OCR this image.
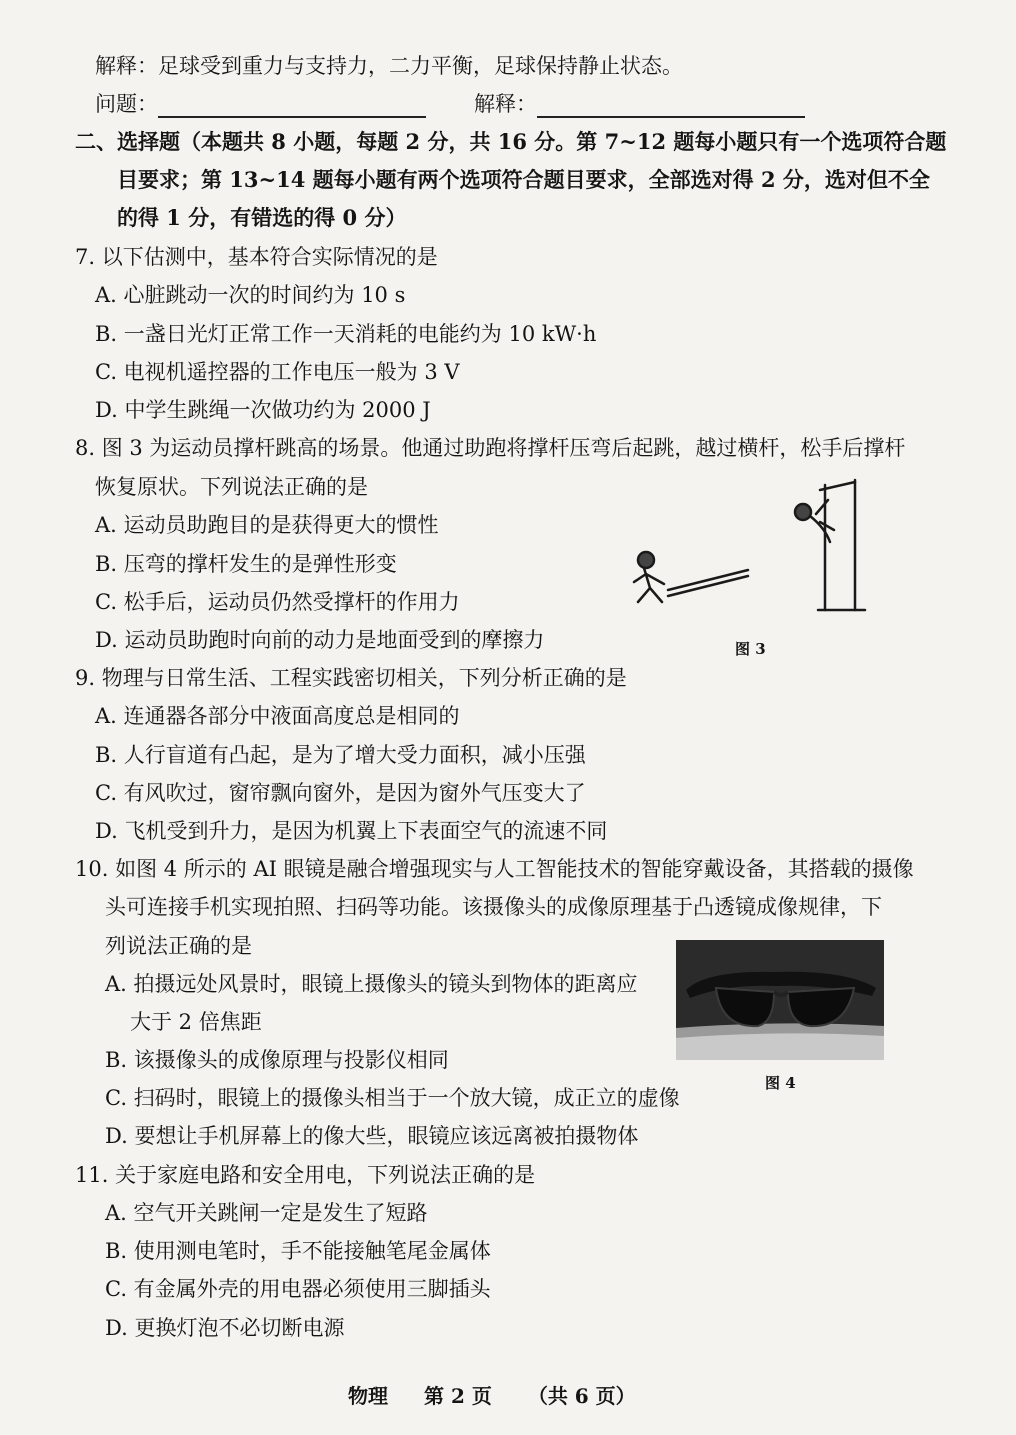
解释：足球受到重力与支持力，二力平衡，足球保持静止状态。
问题：	解释：
二、选择题（本题共 8 小题，每题 2 分，共 16 分。第 7~12 题每小题只有一个选项符合题
目要求；第 13~14 题每小题有两个选项符合题目要求，全部选对得 2 分，选对但不全
的得 1 分，有错选的得 0 分）
7. 以下估测中，基本符合实际情况的是
A. 心脏跳动一次的时间约为 10 s
B. 一盏日光灯正常工作一天消耗的电能约为 10 kW·h
C. 电视机遥控器的工作电压一般为 3 V
D. 中学生跳绳一次做功约为 2000 J
8. 图 3 为运动员撑杆跳高的场景。他通过助跑将撑杆压弯后起跳，越过横杆，松手后撑杆
恢复原状。下列说法正确的是
A. 运动员助跑目的是获得更大的惯性
B. 压弯的撑杆发生的是弹性形变
C. 松手后，运动员仍然受撑杆的作用力
D. 运动员助跑时向前的动力是地面受到的摩擦力	图 3
9. 物理与日常生活、工程实践密切相关，下列分析正确的是
A. 连通器各部分中液面高度总是相同的
B. 人行盲道有凸起，是为了增大受力面积，减小压强
C. 有风吹过，窗帘飘向窗外，是因为窗外气压变大了
D. 飞机受到升力，是因为机翼上下表面空气的流速不同
10. 如图 4 所示的 AI 眼镜是融合增强现实与人工智能技术的智能穿戴设备，其搭载的摄像
头可连接手机实现拍照、扫码等功能。该摄像头的成像原理基于凸透镜成像规律，下
列说法正确的是
A. 拍摄远处风景时，眼镜上摄像头的镜头到物体的距离应
大于 2 倍焦距
B. 该摄像头的成像原理与投影仪相同
C. 扫码时，眼镜上的摄像头相当于一个放大镜，成正立的虚像
D. 要想让手机屏幕上的像大些，眼镜应该远离被拍摄物体
图 4
11. 关于家庭电路和安全用电，下列说法正确的是
A. 空气开关跳闸一定是发生了短路
B. 使用测电笔时，手不能接触笔尾金属体
C. 有金属外壳的用电器必须使用三脚插头
D. 更换灯泡不必切断电源
物理 第 2 页 （共 6 页）
